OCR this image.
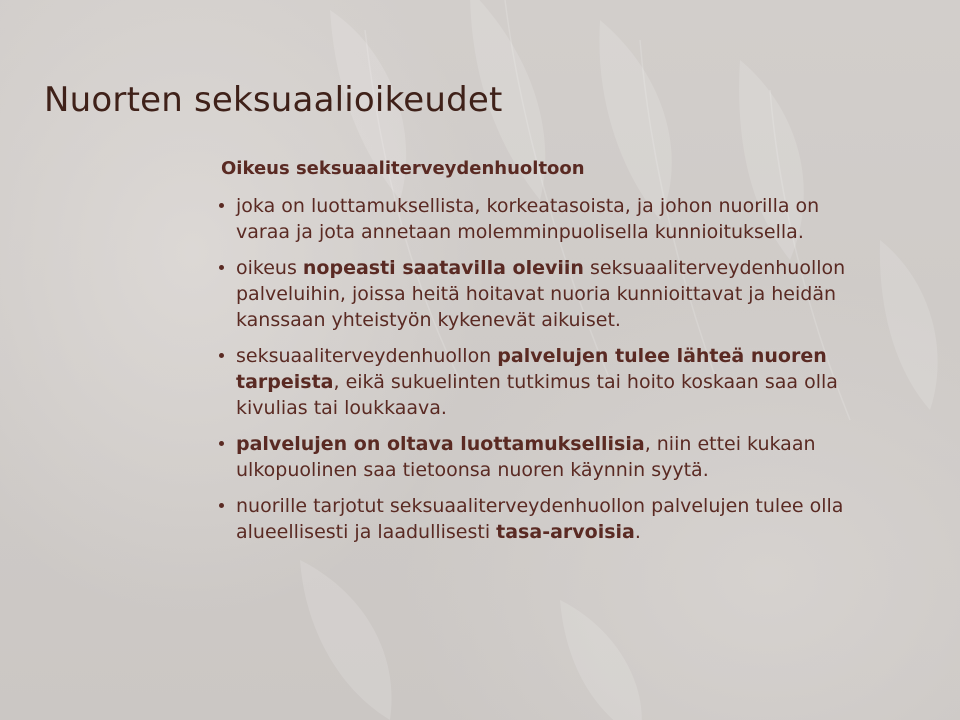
Nuorten seksuaalioikeudet
Oikeus seksuaaliterveydenhuoltoon
joka on luottamuksellista, korkeatasoista, ja johon nuorilla on varaa ja jota annetaan molemminpuolisella kunnioituksella.
oikeus nopeasti saatavilla oleviin seksuaaliterveydenhuollon palveluihin, joissa heitä hoitavat nuoria kunnioittavat ja heidän kanssaan yhteistyön kykenevät aikuiset.
seksuaaliterveydenhuollon palvelujen tulee lähteä nuoren tarpeista, eikä sukuelinten tutkimus tai hoito koskaan saa olla kivulias tai loukkaava.
palvelujen on oltava luottamuksellisia, niin ettei kukaan ulkopuolinen saa tietoonsa nuoren käynnin syytä.
nuorille tarjotut seksuaaliterveydenhuollon palvelujen tulee olla alueellisesti ja laadullisesti tasa-arvoisia.
